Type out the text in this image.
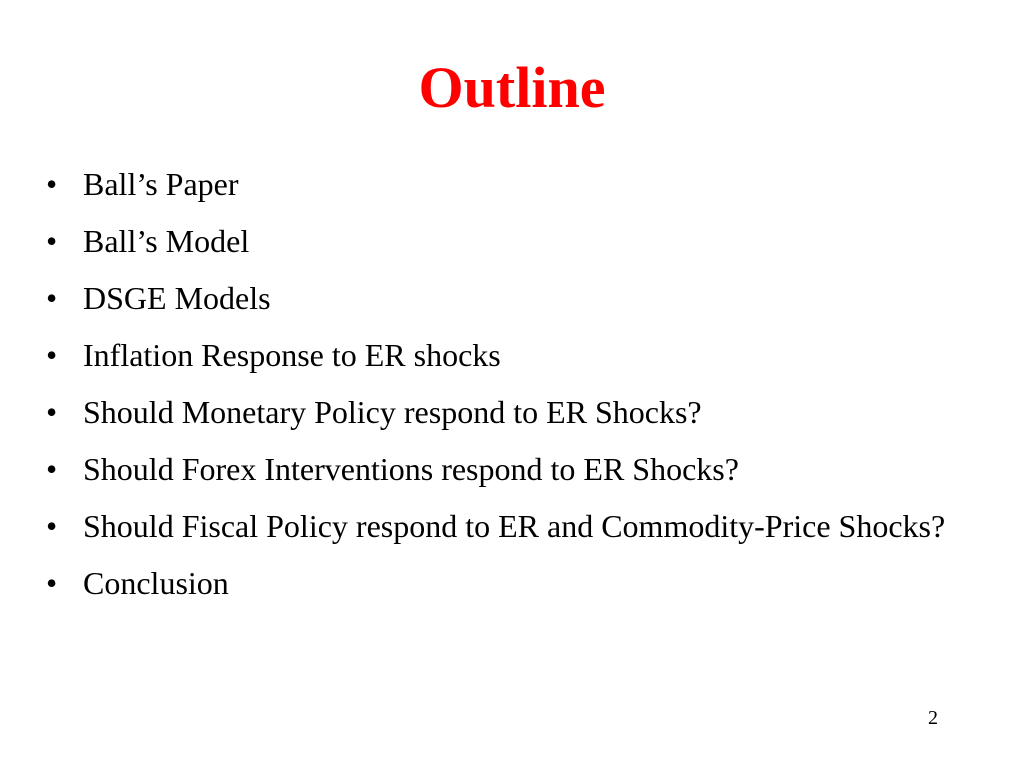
Outline
• Ball’s Paper
• Ball’s Model
• DSGE Models
• Inflation Response to ER shocks
• Should Monetary Policy respond to ER Shocks?
• Should Forex Interventions respond to ER Shocks?
• Should Fiscal Policy respond to ER and Commodity-Price Shocks?
• Conclusion
2
